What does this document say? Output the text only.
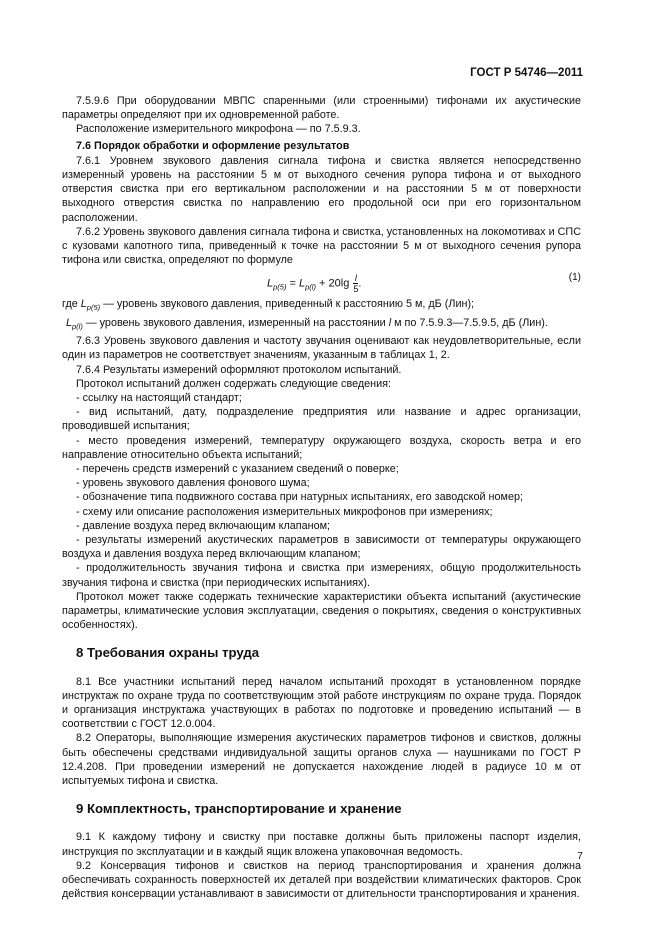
ГОСТ Р 54746—2011

7.5.9.6 При оборудовании МВПС спаренными (или строенными) тифонами их акустические параметры определяют при их одновременной работе.

Расположение измерительного микрофона — по 7.5.9.3.

7.6 Порядок обработки и оформление результатов

7.6.1 Уровнем звукового давления сигнала тифона и свистка является непосредственно измеренный уровень на расстоянии 5 м от выходного сечения рупора тифона и от выходного отверстия свистка при его вертикальном расположении и на расстоянии 5 м от поверхности выходного отверстия свистка по направлению его продольной оси при его горизонтальном расположении.

7.6.2 Уровень звукового давления сигнала тифона и свистка, установленных на локомотивах и СПС с кузовами капотного типа, приведенный к точке на расстоянии 5 м от выходного сечения рупора тифона или свистка, определяют по формуле

$L_{p(5)} = L_{p(l)} + 20\lg \frac{l}{5}$ .	(1)

где $L_{p(5)}$ — уровень звукового давления, приведенный к расстоянию 5 м, дБ (Лин);

$L_{p(l)}$ — уровень звукового давления, измеренный на расстоянии l м по 7.5.9.3—7.5.9.5, дБ (Лин).

7.6.3 Уровень звукового давления и частоту звучания оценивают как неудовлетворительные, если один из параметров не соответствует значениям, указанным в таблицах 1, 2.

7.6.4 Результаты измерений оформляют протоколом испытаний.

Протокол испытаний должен содержать следующие сведения:

- ссылку на настоящий стандарт;

- вид испытаний, дату, подразделение предприятия или название и адрес организации, проводившей испытания;

- место проведения измерений, температуру окружающего воздуха, скорость ветра и его направление относительно объекта испытаний;

- перечень средств измерений с указанием сведений о поверке;

- уровень звукового давления фонового шума;

- обозначение типа подвижного состава при натурных испытаниях, его заводской номер;

- схему или описание расположения измерительных микрофонов при измерениях;

- давление воздуха перед включающим клапаном;

- результаты измерений акустических параметров в зависимости от температуры окружающего воздуха и давления воздуха перед включающим клапаном;

- продолжительность звучания тифона и свистка при измерениях, общую продолжительность звучания тифона и свистка (при периодических испытаниях).

Протокол может также содержать технические характеристики объекта испытаний (акустические параметры, климатические условия эксплуатации, сведения о покрытиях, сведения о конструктивных особенностях).

8 Требования охраны труда

8.1 Все участники испытаний перед началом испытаний проходят в установленном порядке инструктаж по охране труда по соответствующим этой работе инструкциям по охране труда. Порядок и организация инструктажа участвующих в работах по подготовке и проведению испытаний — в соответствии с ГОСТ 12.0.004.

8.2 Операторы, выполняющие измерения акустических параметров тифонов и свистков, должны быть обеспечены средствами индивидуальной защиты органов слуха — наушниками по ГОСТ Р 12.4.208. При проведении измерений не допускается нахождение людей в радиусе 10 м от испытуемых тифона и свистка.

9 Комплектность, транспортирование и хранение

9.1 К каждому тифону и свистку при поставке должны быть приложены паспорт изделия, инструкция по эксплуатации и в каждый ящик вложена упаковочная ведомость.

9.2 Консервация тифонов и свистков на период транспортирования и хранения должна обеспечивать сохранность поверхностей их деталей при воздействии климатических факторов. Срок действия консервации устанавливают в зависимости от длительности транспортирования и хранения.

7
